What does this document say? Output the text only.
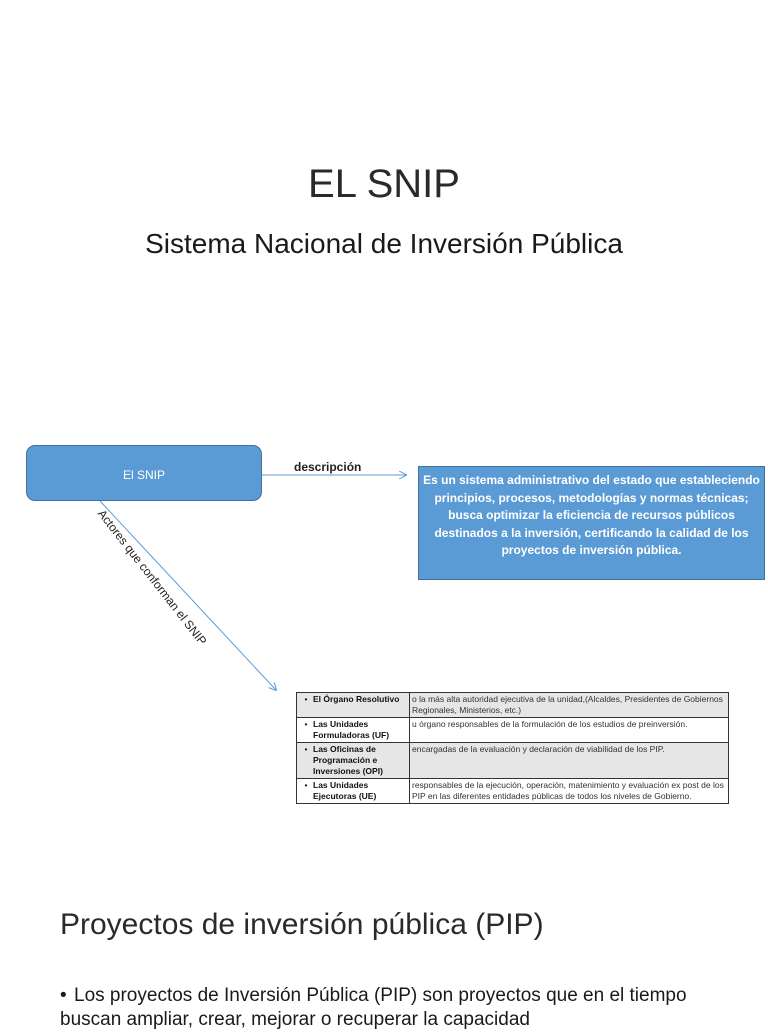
EL SNIP
Sistema Nacional de Inversión Pública
El SNIP
descripción
Es un sistema administrativo del estado que estableciendo principios, procesos, metodologías y normas técnicas; busca optimizar la eficiencia de recursos públicos destinados a la inversión, certificando la calidad de los proyectos de inversión pública.
Actores que conforman el SNIP
• El Órgano Resolutivo	o la más alta autoridad ejecutiva de la unidad,(Alcaldes, Presidentes de Gobiernos Regionales, Ministerios, etc.)
• Las Unidades Formuladoras (UF)	u órgano responsables de la formulación de los estudios de preinversión.
• Las Oficinas de Programación e Inversiones (OPI)	encargadas de la evaluación y declaración de viabilidad de los PIP.
• Las Unidades Ejecutoras (UE)	responsables de la ejecución, operación, matenimiento y evaluación ex post de los PIP en las diferentes entidades públicas de todos los niveles de Gobierno.
Proyectos de inversión pública (PIP)
• Los proyectos de Inversión Pública (PIP) son proyectos que en el tiempo buscan ampliar, crear, mejorar o recuperar la capacidad
